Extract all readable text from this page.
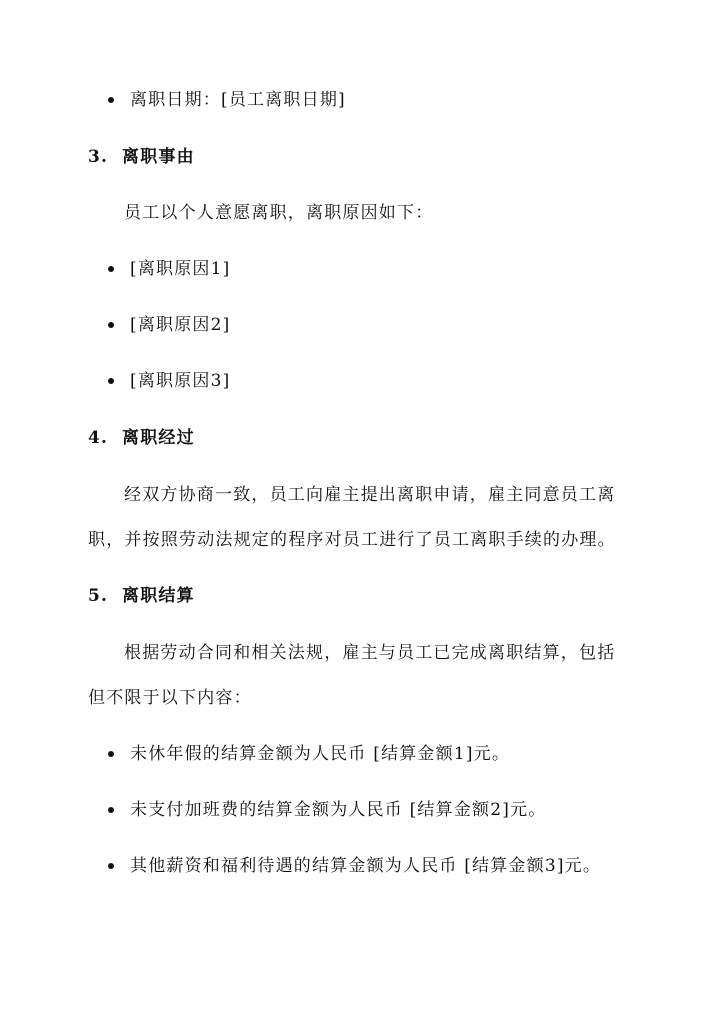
离职日期：[员工离职日期]
3. 离职事由
员工以个人意愿离职，离职原因如下：
[离职原因1]
[离职原因2]
[离职原因3]
4. 离职经过
经双方协商一致，员工向雇主提出离职申请，雇主同意员工离
职，并按照劳动法规定的程序对员工进行了员工离职手续的办理。
5. 离职结算
根据劳动合同和相关法规，雇主与员工已完成离职结算，包括
但不限于以下内容：
未休年假的结算金额为人民币 [结算金额1]元。
未支付加班费的结算金额为人民币 [结算金额2]元。
其他薪资和福利待遇的结算金额为人民币 [结算金额3]元。
